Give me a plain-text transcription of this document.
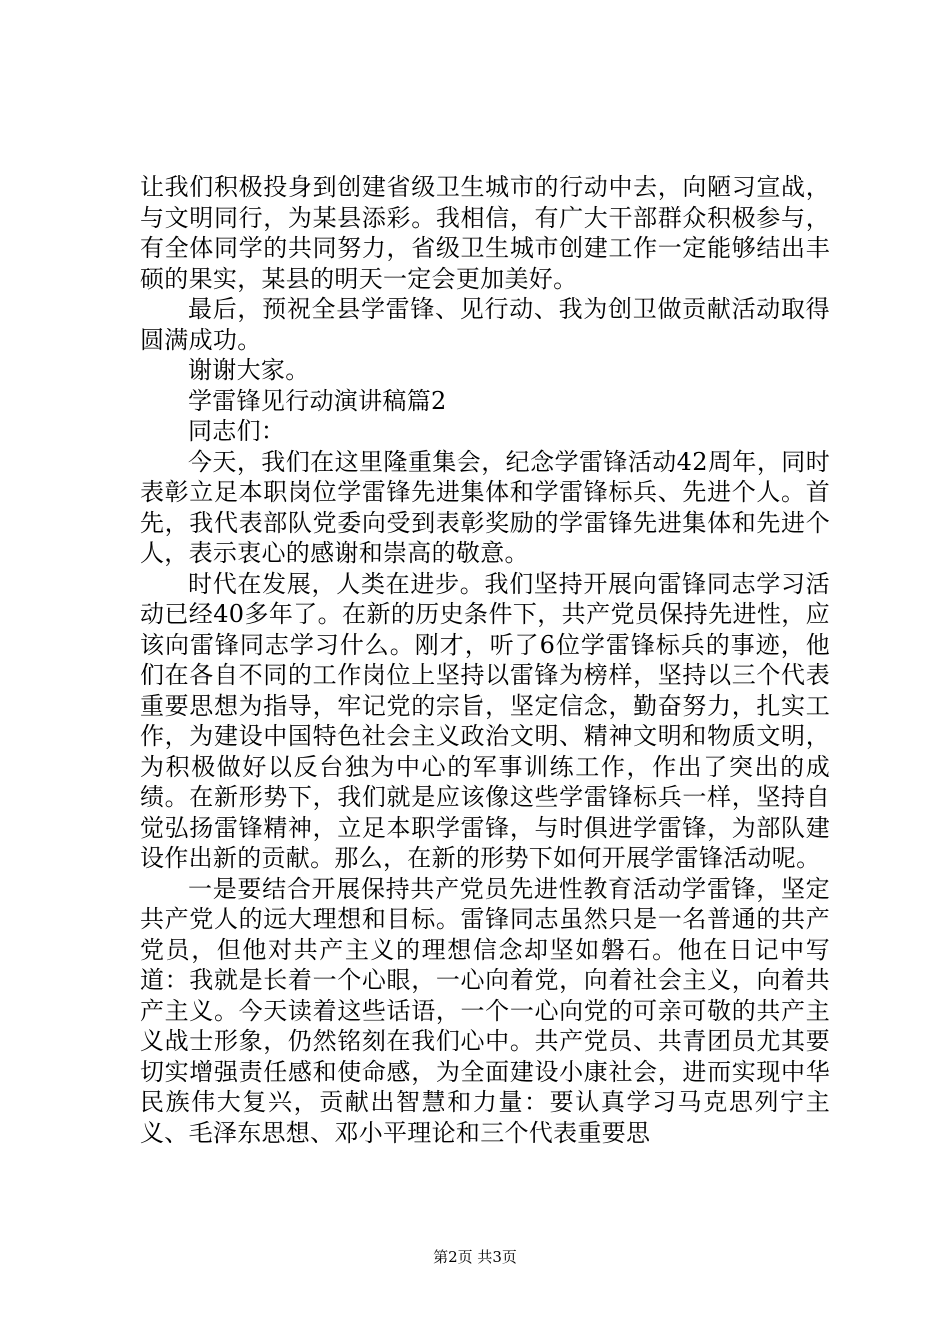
让我们积极投身到创建省级卫生城市的行动中去，向陋习宣战，与文明同行，为某县添彩。我相信，有广大干部群众积极参与，有全体同学的共同努力，省级卫生城市创建工作一定能够结出丰硕的果实，某县的明天一定会更加美好。

最后，预祝全县学雷锋、见行动、我为创卫做贡献活动取得圆满成功。

谢谢大家。

学雷锋见行动演讲稿篇2

同志们：

今天，我们在这里隆重集会，纪念学雷锋活动42周年，同时表彰立足本职岗位学雷锋先进集体和学雷锋标兵、先进个人。首先，我代表部队党委向受到表彰奖励的学雷锋先进集体和先进个人，表示衷心的感谢和崇高的敬意。

时代在发展，人类在进步。我们坚持开展向雷锋同志学习活动已经40多年了。在新的历史条件下，共产党员保持先进性，应该向雷锋同志学习什么。刚才，听了6位学雷锋标兵的事迹，他们在各自不同的工作岗位上坚持以雷锋为榜样，坚持以三个代表重要思想为指导，牢记党的宗旨，坚定信念，勤奋努力，扎实工作，为建设中国特色社会主义政治文明、精神文明和物质文明，为积极做好以反台独为中心的军事训练工作，作出了突出的成绩。在新形势下，我们就是应该像这些学雷锋标兵一样，坚持自觉弘扬雷锋精神，立足本职学雷锋，与时俱进学雷锋，为部队建设作出新的贡献。那么，在新的形势下如何开展学雷锋活动呢。

一是要结合开展保持共产党员先进性教育活动学雷锋，坚定共产党人的远大理想和目标。雷锋同志虽然只是一名普通的共产党员，但他对共产主义的理想信念却坚如磐石。他在日记中写道：我就是长着一个心眼，一心向着党，向着社会主义，向着共产主义。今天读着这些话语，一个一心向党的可亲可敬的共产主义战士形象，仍然铭刻在我们心中。共产党员、共青团员尤其要切实增强责任感和使命感，为全面建设小康社会，进而实现中华民族伟大复兴，贡献出智慧和力量：要认真学习马克思列宁主义、毛泽东思想、邓小平理论和三个代表重要思

第2页 共3页
